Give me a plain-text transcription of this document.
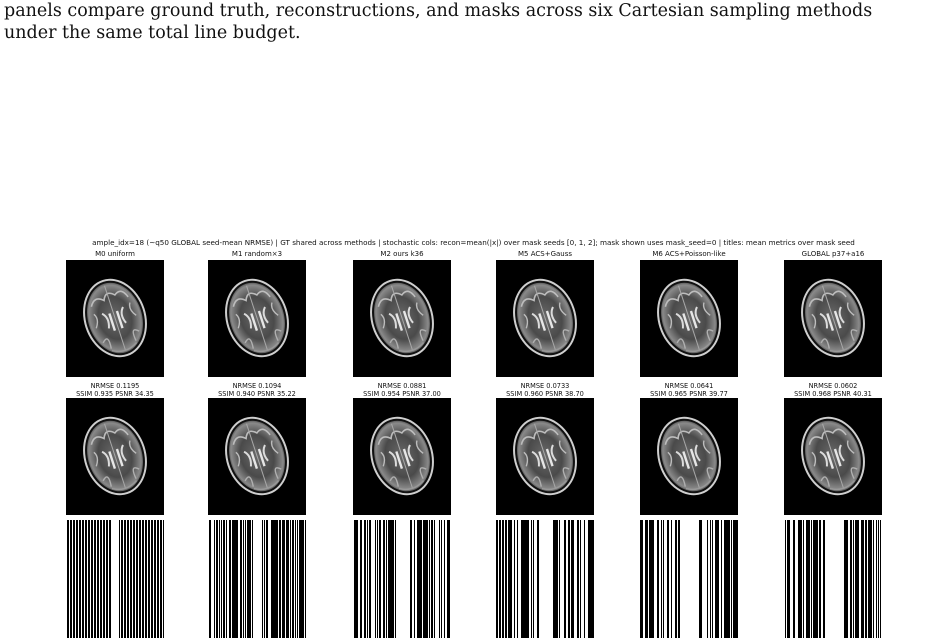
panels compare ground truth, reconstructions, and masks across six Cartesian sampling methods

under the same total line budget.

ample_idx=18 (~q50 GLOBAL seed-mean NRMSE) | GT shared across methods | stochastic cols: recon=mean(|x|) over mask seeds [0, 1, 2]; mask shown uses mask_seed=0 | titles: mean metrics over mask seed
M0 uniform
NRMSE 0.1195
SSIM 0.935 PSNR 34.35
M1 random×3
NRMSE 0.1094
SSIM 0.940 PSNR 35.22
M2 ours k36
NRMSE 0.0881
SSIM 0.954 PSNR 37.00
M5 ACS+Gauss
NRMSE 0.0733
SSIM 0.960 PSNR 38.70
M6 ACS+Poisson-like
NRMSE 0.0641
SSIM 0.965 PSNR 39.77
GLOBAL p37+a16
NRMSE 0.0602
SSIM 0.968 PSNR 40.31
